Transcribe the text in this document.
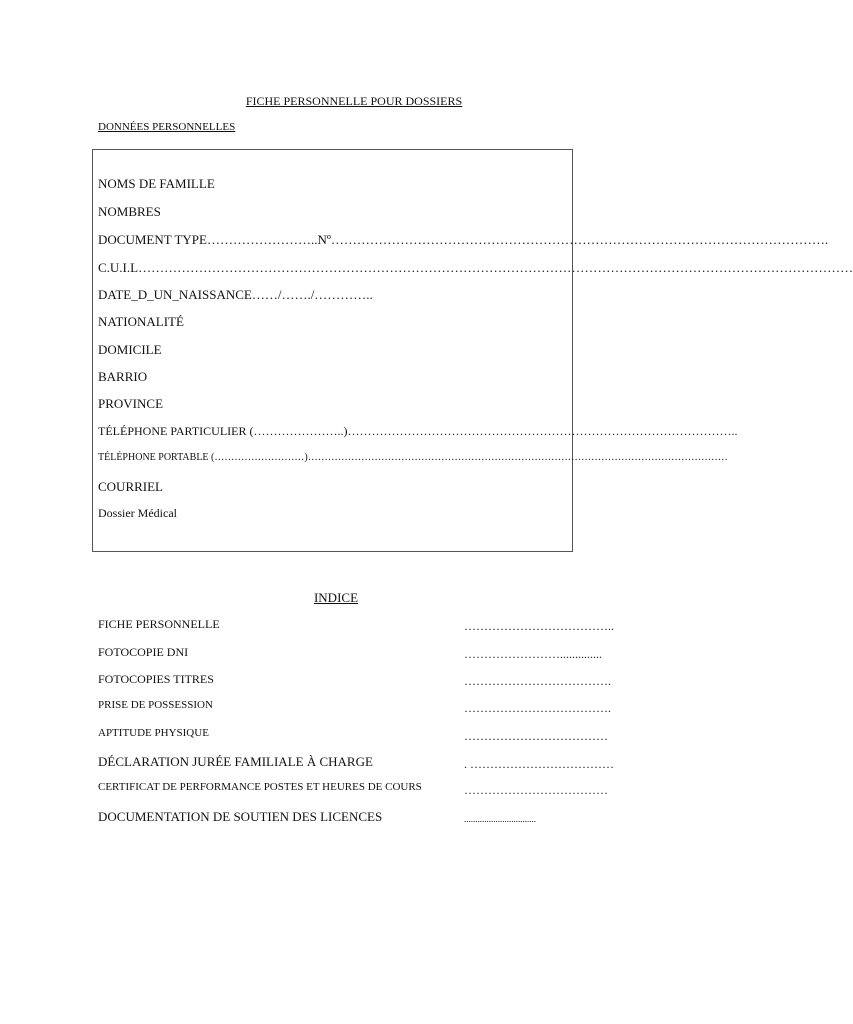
FICHE PERSONNELLE POUR DOSSIERS
DONNÉES PERSONNELLES
NOMS DE FAMILLE
NOMBRES
DOCUMENT TYPE……………………..Nº…………………………………………………………………………………………………….
C.U.I.L…………………………………………………………………………………………………………………………………………………
DATE_D_UN_NAISSANCE……/……./…………..
NATIONALITÉ
DOMICILE
BARRIO
PROVINCE
TÉLÉPHONE PARTICULIER (…………………..)……………………………………………………………………………………..
TÉLÉPHONE PORTABLE (………………………)………………………………………………………………………………………………………………
COURRIEL
Dossier Médical
INDICE
FICHE PERSONNELLE	………………………………..
FOTOCOPIE DNI	……………………..............
FOTOCOPIES TITRES	……………………………….
PRISE DE POSSESSION	……………………………….
APTITUDE PHYSIQUE	………………………………
DÉCLARATION JURÉE FAMILIALE À CHARGE	. ………………………………
CERTIFICAT DE PERFORMANCE POSTES ET HEURES DE COURS	………………………………
DOCUMENTATION DE SOUTIEN DES LICENCES	................................
